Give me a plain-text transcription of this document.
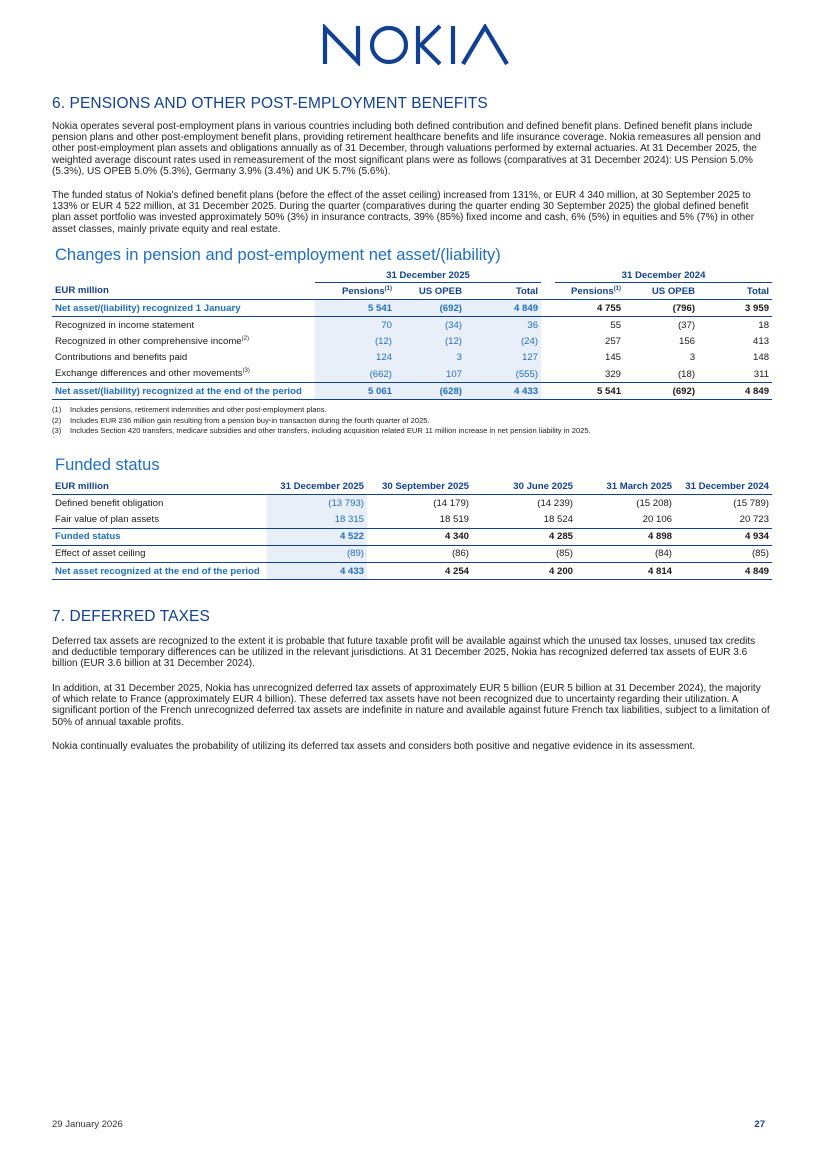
6. PENSIONS AND OTHER POST-EMPLOYMENT BENEFITS

Nokia operates several post-employment plans in various countries including both defined contribution and defined benefit plans. Defined benefit plans include pension plans and other post-employment benefit plans, providing retirement healthcare benefits and life insurance coverage. Nokia remeasures all pension and other post-employment plan assets and obligations annually as of 31 December, through valuations performed by external actuaries. At 31 December 2025, the weighted average discount rates used in remeasurement of the most significant plans were as follows (comparatives at 31 December 2024): US Pension 5.0% (5.3%), US OPEB 5.0% (5.3%), Germany 3.9% (3.4%) and UK 5.7% (5.6%).

The funded status of Nokia's defined benefit plans (before the effect of the asset ceiling) increased from 131%, or EUR 4 340 million, at 30 September 2025 to 133% or EUR 4 522 million, at 31 December 2025. During the quarter (comparatives during the quarter ending 30 September 2025) the global defined benefit plan asset portfolio was invested approximately 50% (3%) in insurance contracts, 39% (85%) fixed income and cash, 6% (5%) in equities and 5% (7%) in other asset classes, mainly private equity and real estate.

Changes in pension and post-employment net asset/(liability)
	31 December 2025				31 December 2024		
EUR million	Pensions$^{(1)}$	US OPEB	Total		Pensions$^{(1)}$	US OPEB	Total
Net asset/(liability) recognized 1 January	5 541	(692)	4 849		4 755	(796)	3 959
Recognized in income statement	70	(34)	36		55	(37)	18
Recognized in other comprehensive income$^{(2)}$	(12)	(12)	(24)		257	156	413
Contributions and benefits paid	124	3	127		145	3	148
Exchange differences and other movements$^{(3)}$	(662)	107	(555)		329	(18)	311
Net asset/(liability) recognized at the end of the period	5 061	(628)	4 433		5 541	(692)	4 849
(1) Includes pensions, retirement indemnities and other post-employment plans.
(2) Includes EUR 236 million gain resulting from a pension buy-in transaction during the fourth quarter of 2025.
(3) Includes Section 420 transfers, medicare subsidies and other transfers, including acquisition related EUR 11 million increase in net pension liability in 2025.
Funded status
EUR million	31 December 2025	30 September 2025	30 June 2025	31 March 2025	31 December 2024
Defined benefit obligation	(13 793)	(14 179)	(14 239)	(15 208)	(15 789)
Fair value of plan assets	18 315	18 519	18 524	20 106	20 723
Funded status	4 522	4 340	4 285	4 898	4 934
Effect of asset ceiling	(89)	(86)	(85)	(84)	(85)
Net asset recognized at the end of the period	4 433	4 254	4 200	4 814	4 849
7. DEFERRED TAXES

Deferred tax assets are recognized to the extent it is probable that future taxable profit will be available against which the unused tax losses, unused tax credits and deductible temporary differences can be utilized in the relevant jurisdictions. At 31 December 2025, Nokia has recognized deferred tax assets of EUR 3.6 billion (EUR 3.6 billion at 31 December 2024).

In addition, at 31 December 2025, Nokia has unrecognized deferred tax assets of approximately EUR 5 billion (EUR 5 billion at 31 December 2024), the majority of which relate to France (approximately EUR 4 billion). These deferred tax assets have not been recognized due to uncertainty regarding their utilization. A significant portion of the French unrecognized deferred tax assets are indefinite in nature and available against future French tax liabilities, subject to a limitation of 50% of annual taxable profits.

Nokia continually evaluates the probability of utilizing its deferred tax assets and considers both positive and negative evidence in its assessment.

29 January 2026	27
